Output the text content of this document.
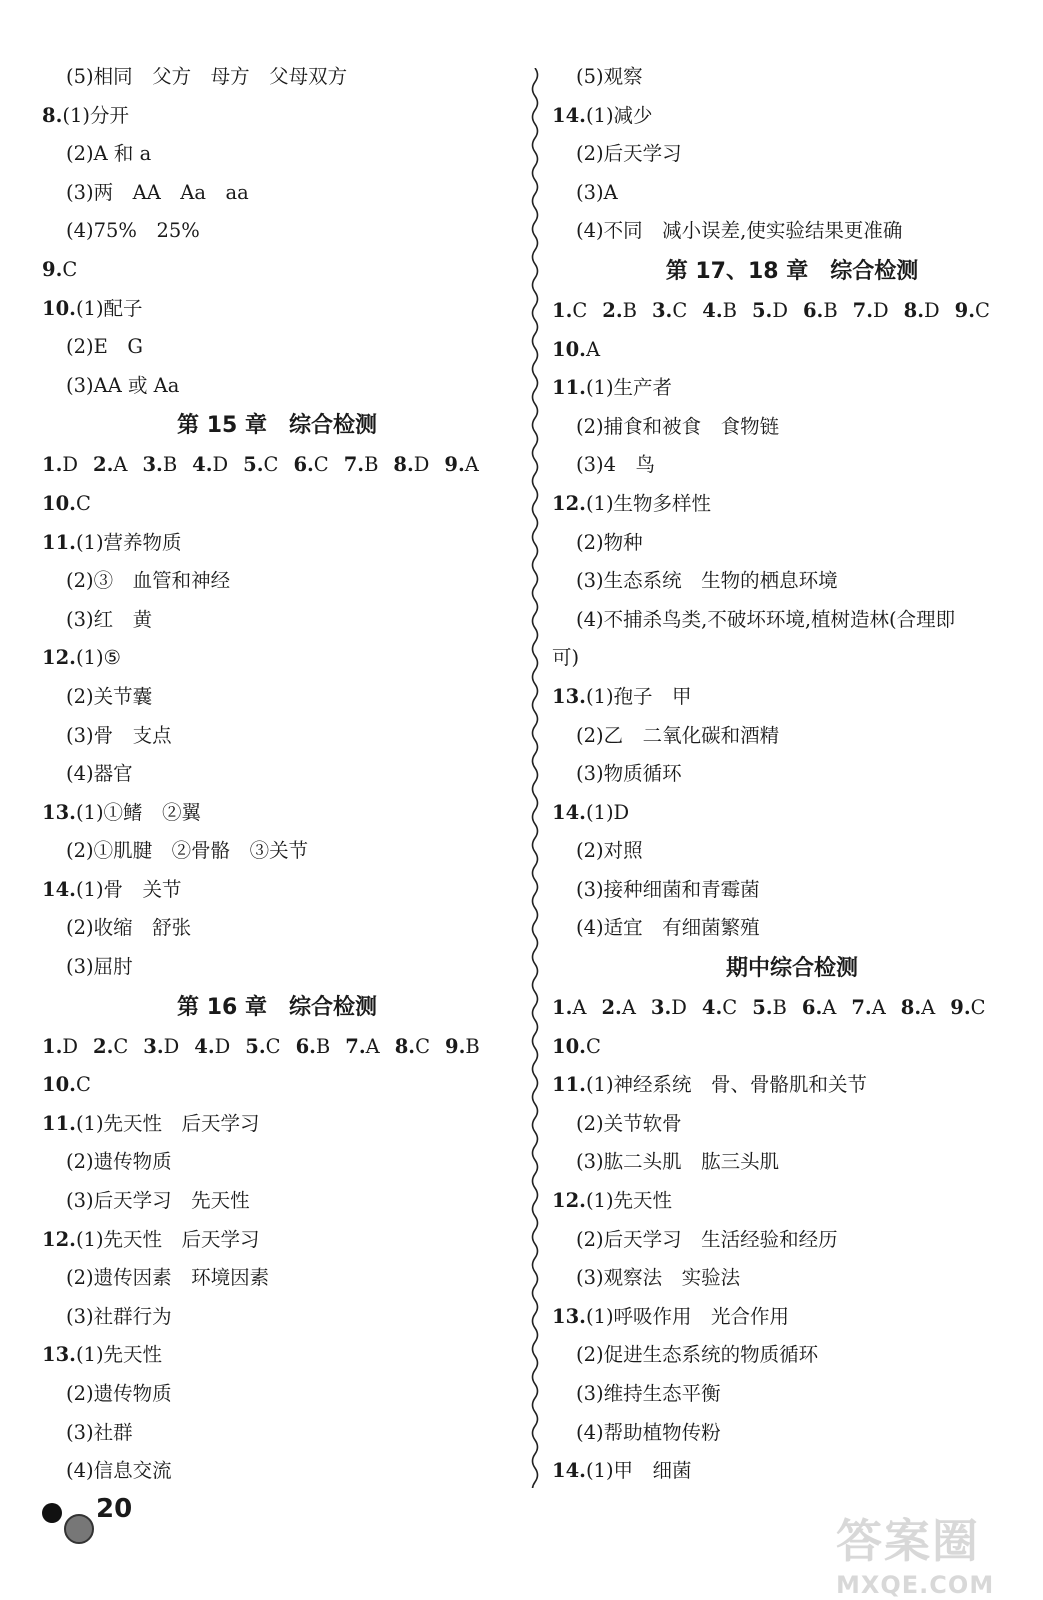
(5)相同　父方　母方　父母双方
8.(1)分开
(2)A 和 a
(3)两　AA　Aa　aa
(4)75%　25%
9.C
10.(1)配子
(2)E　G
(3)AA 或 Aa
第 15 章　综合检测
1.D 2.A 3.B 4.D 5.C 6.C 7.B 8.D 9.A
10.C
11.(1)营养物质
(2)③　血管和神经
(3)红　黄
12.(1)⑤
(2)关节囊
(3)骨　支点
(4)器官
13.(1)①鳍　②翼
(2)①肌腱　②骨骼　③关节
14.(1)骨　关节
(2)收缩　舒张
(3)屈肘
第 16 章　综合检测
1.D 2.C 3.D 4.D 5.C 6.B 7.A 8.C 9.B
10.C
11.(1)先天性　后天学习
(2)遗传物质
(3)后天学习　先天性
12.(1)先天性　后天学习
(2)遗传因素　环境因素
(3)社群行为
13.(1)先天性
(2)遗传物质
(3)社群
(4)信息交流
(5)观察
14.(1)减少
(2)后天学习
(3)A
(4)不同　减小误差,使实验结果更准确
第 17、18 章　综合检测
1.C 2.B 3.C 4.B 5.D 6.B 7.D 8.D 9.C
10.A
11.(1)生产者
(2)捕食和被食　食物链
(3)4　鸟
12.(1)生物多样性
(2)物种
(3)生态系统　生物的栖息环境
(4)不捕杀鸟类,不破坏环境,植树造林(合理即
可)
13.(1)孢子　甲
(2)乙　二氧化碳和酒精
(3)物质循环
14.(1)D
(2)对照
(3)接种细菌和青霉菌
(4)适宜　有细菌繁殖
期中综合检测
1.A 2.A 3.D 4.C 5.B 6.A 7.A 8.A 9.C
10.C
11.(1)神经系统　骨、骨骼肌和关节
(2)关节软骨
(3)肱二头肌　肱三头肌
12.(1)先天性
(2)后天学习　生活经验和经历
(3)观察法　实验法
13.(1)呼吸作用　光合作用
(2)促进生态系统的物质循环
(3)维持生态平衡
(4)帮助植物传粉
14.(1)甲　细菌
20
答案圈
MXQE.COM
